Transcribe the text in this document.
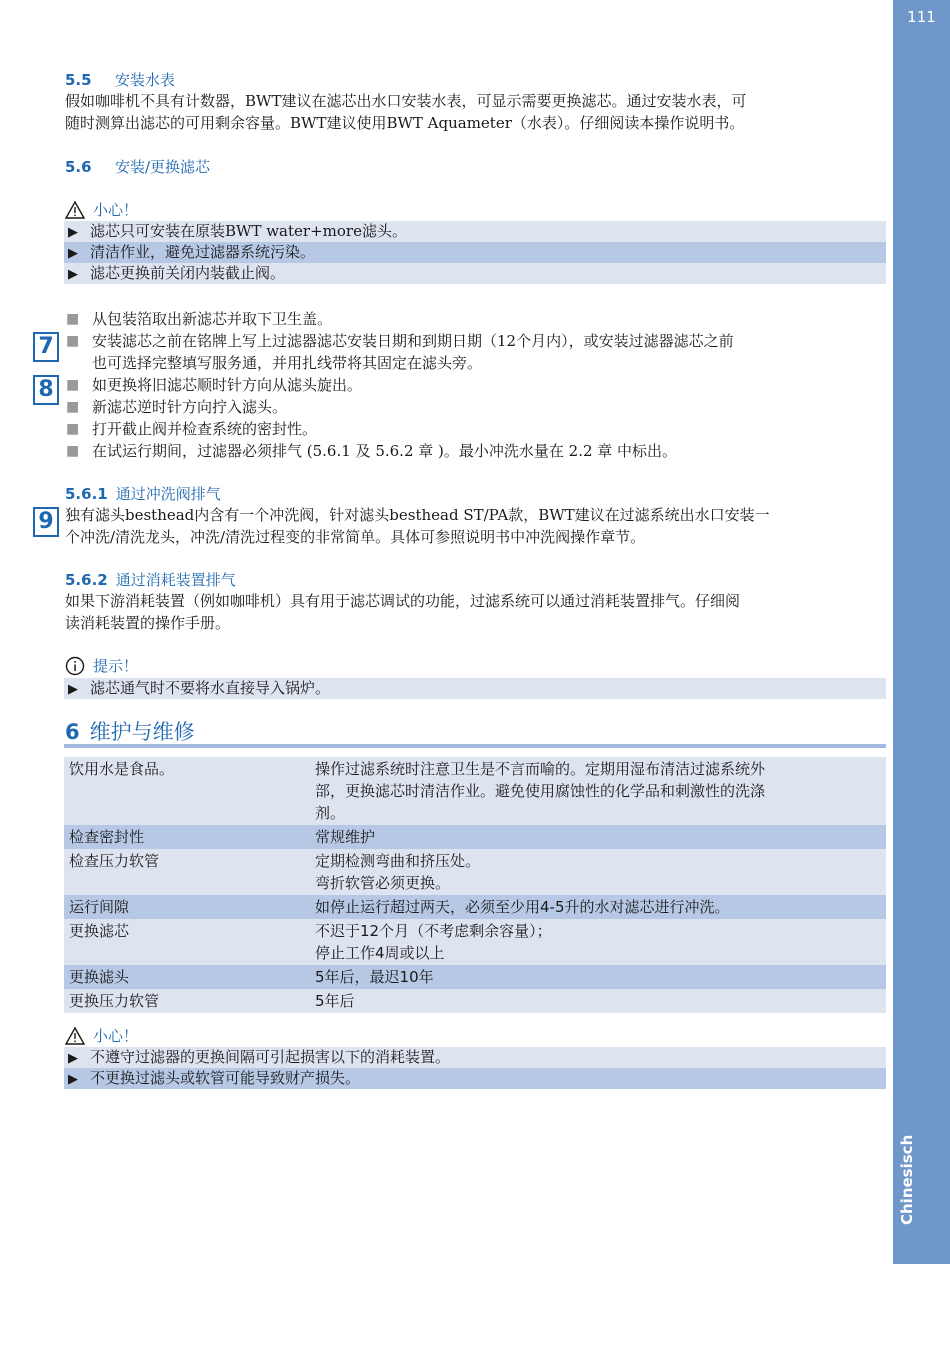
111
Chinesisch
5.5 安装水表
假如咖啡机不具有计数器，BWT建议在滤芯出水口安装水表，可显示需要更换滤芯。通过安装水表，可
随时测算出滤芯的可用剩余容量。BWT建议使用BWT Aquameter（水表）。仔细阅读本操作说明书。
5.6 安装/更换滤芯
小心！
▶ 滤芯只可安装在原装BWT water+more滤头。
▶ 清洁作业，避免过滤器系统污染。
▶ 滤芯更换前关闭内装截止阀。
7
8
■ 从包装箔取出新滤芯并取下卫生盖。
■ 安装滤芯之前在铭牌上写上过滤器滤芯安装日期和到期日期（12个月内），或安装过滤器滤芯之前
也可选择完整填写服务通，并用扎线带将其固定在滤头旁。
■ 如更换将旧滤芯顺时针方向从滤头旋出。
■ 新滤芯逆时针方向拧入滤头。
■ 打开截止阀并检查系统的密封性。
■ 在试运行期间，过滤器必须排气 (5.6.1 及 5.6.2 章 )。最小冲洗水量在 2.2 章 中标出。
5.6.1 通过冲洗阀排气
9 独有滤头besthead内含有一个冲洗阀，针对滤头besthead ST/PA款，BWT建议在过滤系统出水口安装一
个冲洗/清洗龙头，冲洗/清洗过程变的非常简单。具体可参照说明书中冲洗阀操作章节。
5.6.2 通过消耗装置排气
如果下游消耗装置（例如咖啡机）具有用于滤芯调试的功能，过滤系统可以通过消耗装置排气。仔细阅
读消耗装置的操作手册。
提示！
▶ 滤芯通气时不要将水直接导入锅炉。
6 维护与维修
饮用水是食品。	操作过滤系统时注意卫生是不言而喻的。定期用湿布清洁过滤系统外
部，更换滤芯时清洁作业。避免使用腐蚀性的化学品和刺激性的洗涤
剂。
检查密封性	常规维护
检查压力软管	定期检测弯曲和挤压处。
弯折软管必须更换。
运行间隙	如停止运行超过两天，必须至少用4-5升的水对滤芯进行冲洗。
更换滤芯	不迟于12个月（不考虑剩余容量）；
停止工作4周或以上
更换滤头	5年后，最迟10年
更换压力软管	5年后
小心！
▶ 不遵守过滤器的更换间隔可引起损害以下的消耗装置。
▶ 不更换过滤头或软管可能导致财产损失。
